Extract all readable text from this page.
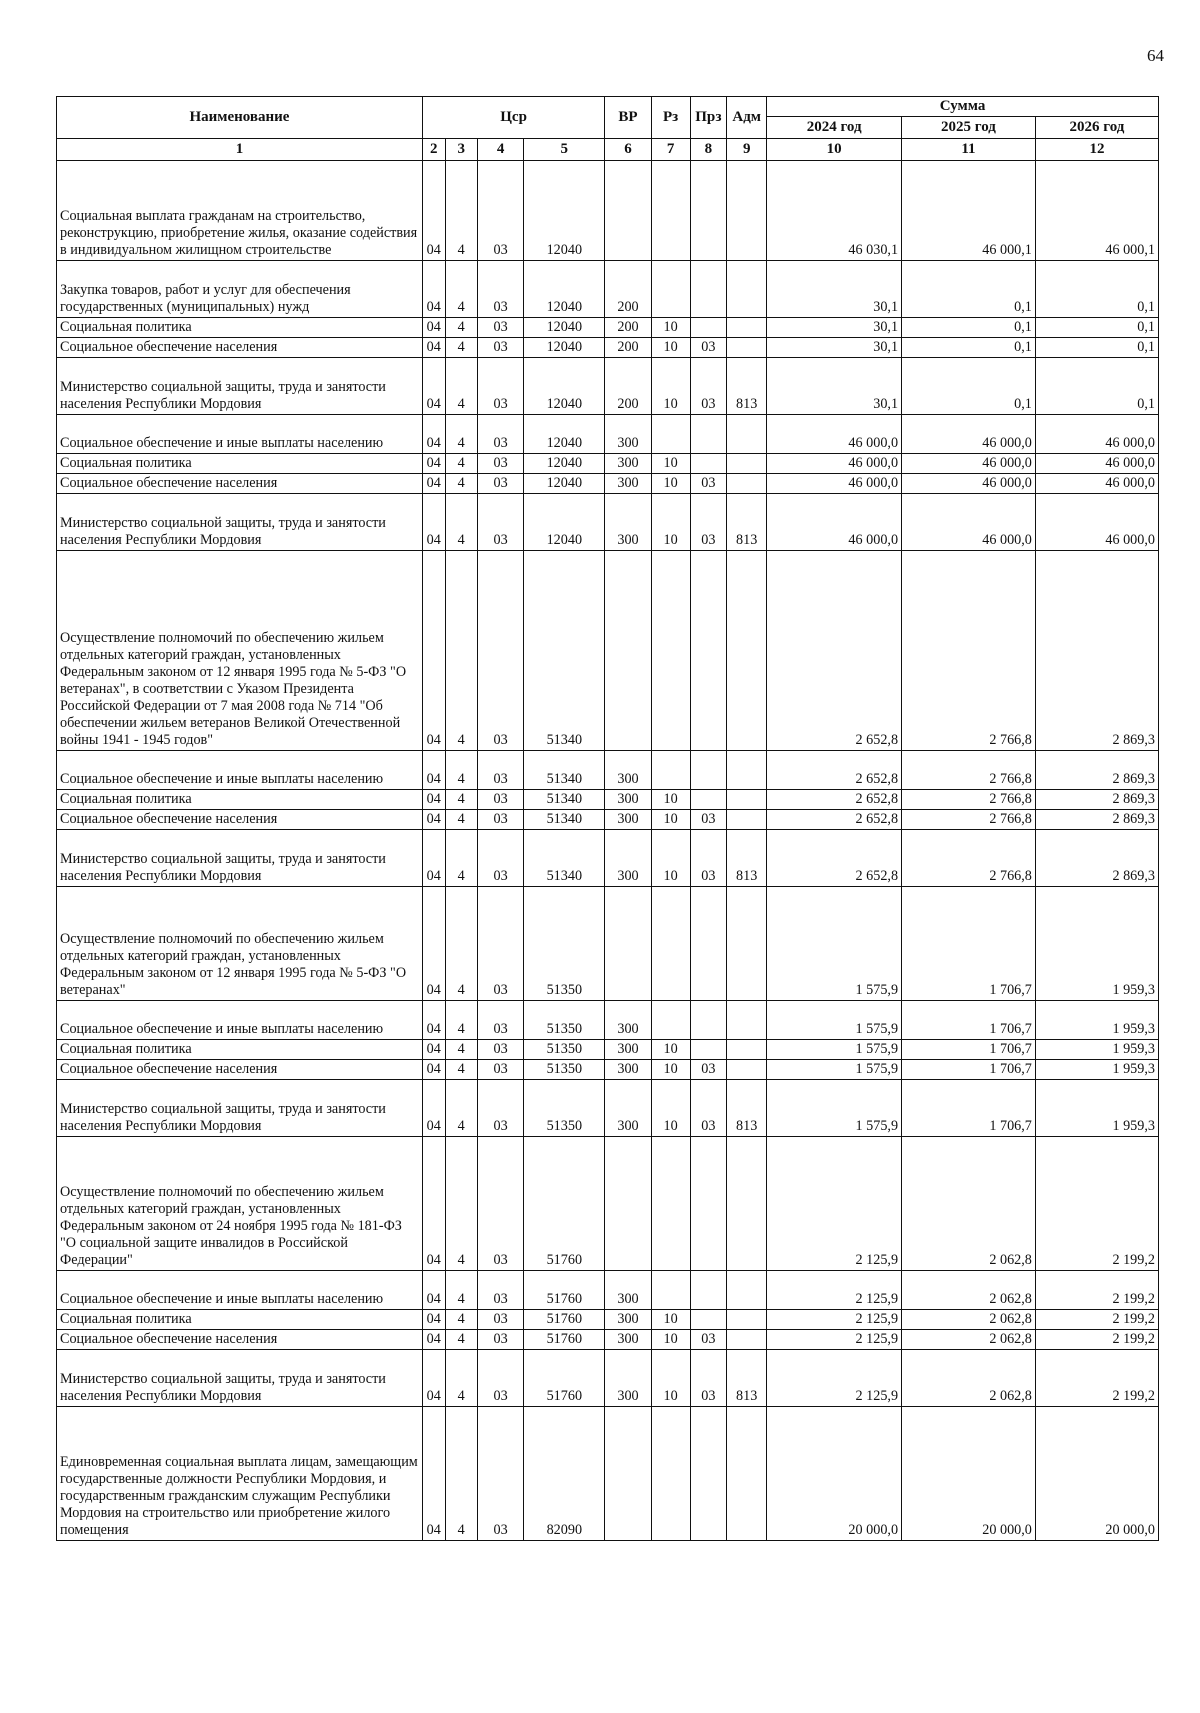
64
Наименование	Цср				ВР	Рз	Прз	Адм	Сумма		
									2024 год	2025 год	2026 год
1	2	3	4	5	6	7	8	9	10	11	12
Социальная выплата гражданам на строительство, реконструкцию, приобретение жилья, оказание содействия в индивидуальном жилищном строительстве	04	4	03	12040					46 030,1	46 000,1	46 000,1
Закупка товаров, работ и услуг для обеспечения государственных (муниципальных) нужд	04	4	03	12040	200				30,1	0,1	0,1
Социальная политика	04	4	03	12040	200	10			30,1	0,1	0,1
Социальное обеспечение населения	04	4	03	12040	200	10	03		30,1	0,1	0,1
Министерство социальной защиты, труда и занятости населения Республики Мордовия	04	4	03	12040	200	10	03	813	30,1	0,1	0,1
Социальное обеспечение и иные выплаты населению	04	4	03	12040	300				46 000,0	46 000,0	46 000,0
Социальная политика	04	4	03	12040	300	10			46 000,0	46 000,0	46 000,0
Социальное обеспечение населения	04	4	03	12040	300	10	03		46 000,0	46 000,0	46 000,0
Министерство социальной защиты, труда и занятости населения Республики Мордовия	04	4	03	12040	300	10	03	813	46 000,0	46 000,0	46 000,0
Осуществление полномочий по обеспечению жильем отдельных категорий граждан, установленных Федеральным законом от 12 января 1995 года № 5-ФЗ "О ветеранах", в соответствии с Указом Президента Российской Федерации от 7 мая 2008 года № 714 "Об обеспечении жильем ветеранов Великой Отечественной войны 1941 - 1945 годов"	04	4	03	51340					2 652,8	2 766,8	2 869,3
Социальное обеспечение и иные выплаты населению	04	4	03	51340	300				2 652,8	2 766,8	2 869,3
Социальная политика	04	4	03	51340	300	10			2 652,8	2 766,8	2 869,3
Социальное обеспечение населения	04	4	03	51340	300	10	03		2 652,8	2 766,8	2 869,3
Министерство социальной защиты, труда и занятости населения Республики Мордовия	04	4	03	51340	300	10	03	813	2 652,8	2 766,8	2 869,3
Осуществление полномочий по обеспечению жильем отдельных категорий граждан, установленных Федеральным законом от 12 января 1995 года № 5-ФЗ "О ветеранах"	04	4	03	51350					1 575,9	1 706,7	1 959,3
Социальное обеспечение и иные выплаты населению	04	4	03	51350	300				1 575,9	1 706,7	1 959,3
Социальная политика	04	4	03	51350	300	10			1 575,9	1 706,7	1 959,3
Социальное обеспечение населения	04	4	03	51350	300	10	03		1 575,9	1 706,7	1 959,3
Министерство социальной защиты, труда и занятости населения Республики Мордовия	04	4	03	51350	300	10	03	813	1 575,9	1 706,7	1 959,3
Осуществление полномочий по обеспечению жильем отдельных категорий граждан, установленных Федеральным законом от 24 ноября 1995 года № 181-ФЗ "О социальной защите инвалидов в Российской Федерации"	04	4	03	51760					2 125,9	2 062,8	2 199,2
Социальное обеспечение и иные выплаты населению	04	4	03	51760	300				2 125,9	2 062,8	2 199,2
Социальная политика	04	4	03	51760	300	10			2 125,9	2 062,8	2 199,2
Социальное обеспечение населения	04	4	03	51760	300	10	03		2 125,9	2 062,8	2 199,2
Министерство социальной защиты, труда и занятости населения Республики Мордовия	04	4	03	51760	300	10	03	813	2 125,9	2 062,8	2 199,2
Единовременная социальная выплата лицам, замещающим государственные должности Республики Мордовия, и государственным гражданским служащим Республики Мордовия на строительство или приобретение жилого помещения	04	4	03	82090					20 000,0	20 000,0	20 000,0
